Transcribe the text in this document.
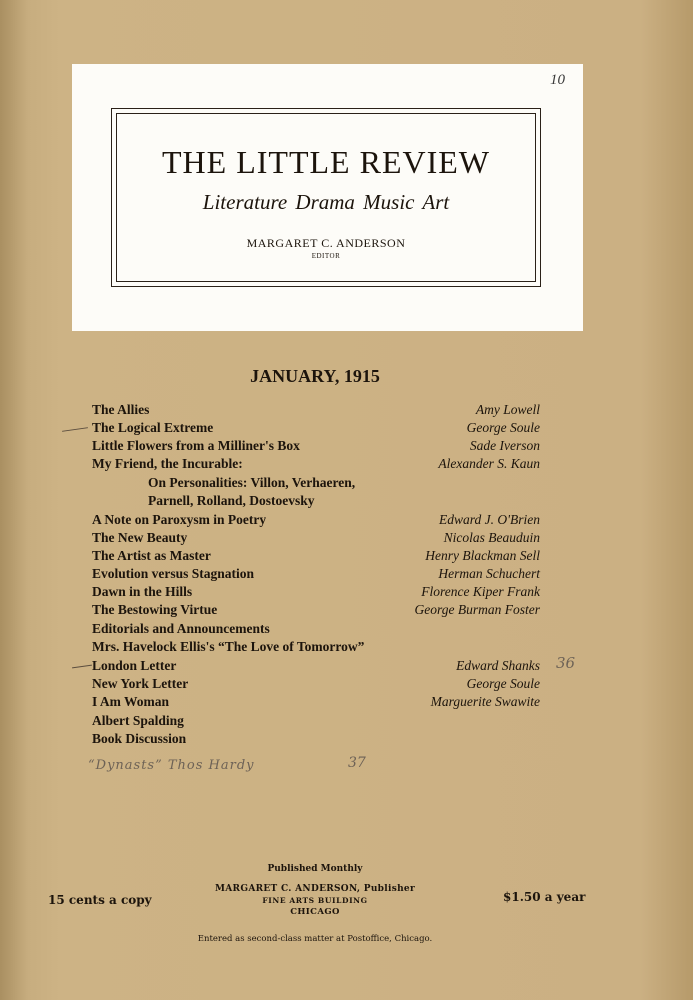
10
THE LITTLE REVIEW
Literature Drama Music Art
MARGARET C. ANDERSON
EDITOR
JANUARY, 1915
The Allies	Amy Lowell
The Logical Extreme	George Soule
Little Flowers from a Milliner's Box	Sade Iverson
My Friend, the Incurable:	Alexander S. Kaun
On Personalities: Villon, Verhaeren,
Parnell, Rolland, Dostoevsky
A Note on Paroxysm in Poetry	Edward J. O'Brien
The New Beauty	Nicolas Beauduin
The Artist as Master	Henry Blackman Sell
Evolution versus Stagnation	Herman Schuchert
Dawn in the Hills	Florence Kiper Frank
The Bestowing Virtue	George Burman Foster
Editorials and Announcements
Mrs. Havelock Ellis's “The Love of Tomorrow”
London Letter	Edward Shanks
New York Letter	George Soule
I Am Woman	Marguerite Swawite
Albert Spalding
Book Discussion
36
“Dynasts” Thos Hardy	37
Published Monthly
15 cents a copy
MARGARET C. ANDERSON, Publisher
FINE ARTS BUILDING
CHICAGO
$1.50 a year
Entered as second-class matter at Postoffice, Chicago.
